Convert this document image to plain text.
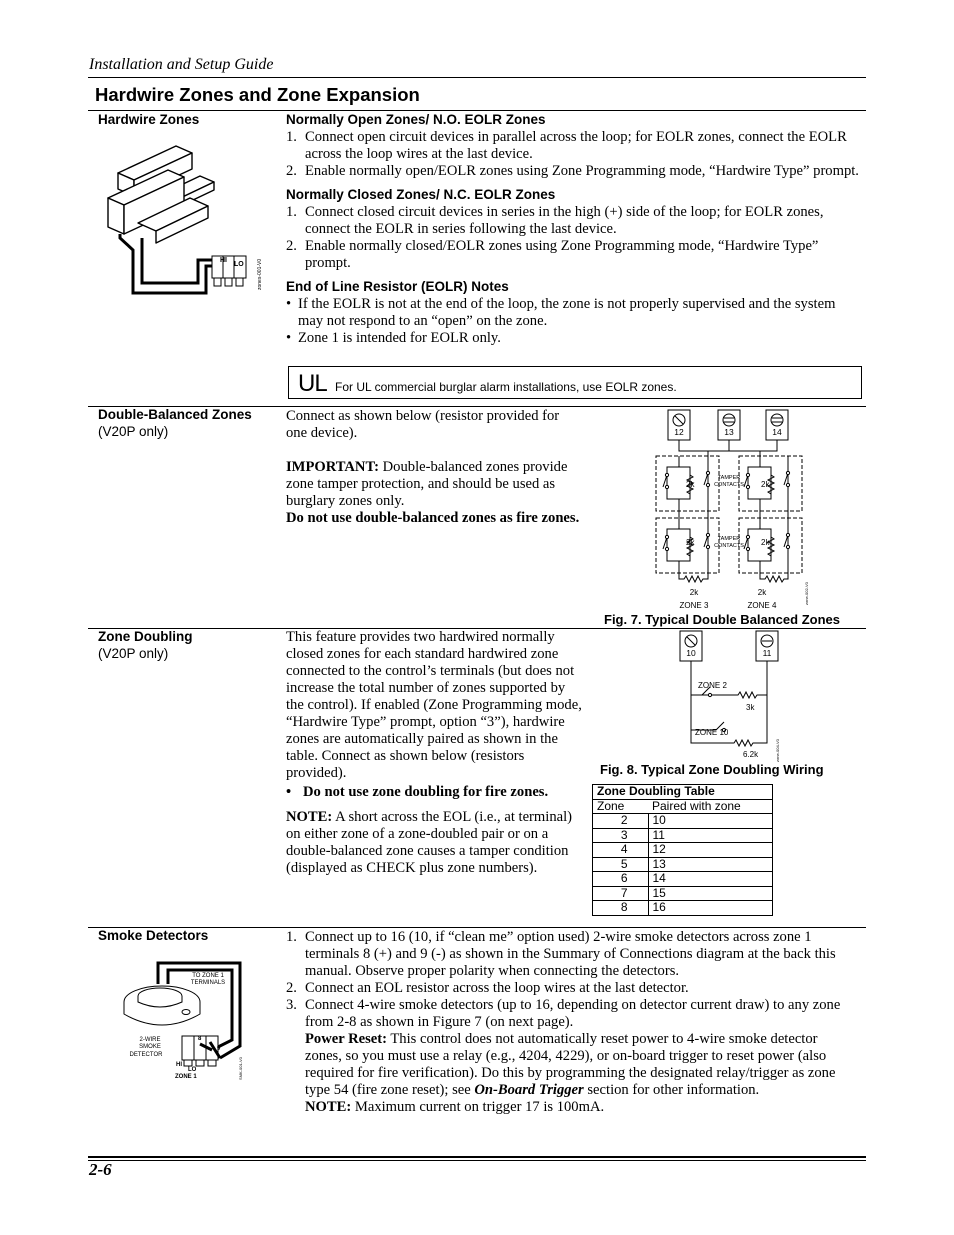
Installation and Setup Guide
Hardwire Zones and Zone Expansion
Hardwire Zones
HI
LO	zones-001-V0
Normally Open Zones/ N.O. EOLR Zones
1. Connect open circuit devices in parallel across the loop; for EOLR zones, connect the EOLR across the loop wires at the last device.
2. Enable normally open/EOLR zones using Zone Programming mode, “Hardwire Type” prompt.
Normally Closed Zones/ N.C. EOLR Zones
1. Connect closed circuit devices in series in the high (+) side of the loop; for EOLR zones, connect the EOLR in series following the last device.
2. Enable normally closed/EOLR zones using Zone Programming mode, “Hardwire Type” prompt.
End of Line Resistor (EOLR) Notes
• If the EOLR is not at the end of the loop, the zone is not properly supervised and the system may not respond to an “open” on the zone.
• Zone 1 is intended for EOLR only.
UL For UL commercial burglar alarm installations, use EOLR zones.
Double-Balanced Zones
(V20P only)
Connect as shown below (resistor provided for one device).
IMPORTANT: Double-balanced zones provide zone tamper protection, and should be used as burglary zones only.
Do not use double-balanced zones as fire zones.
12	13	14
2k	2k
2k	2k
TAMPER
CONTACTS
TAMPER
CONTACTS
2k	2k
ZONE 3	ZONE 4
zone-002-V0
Fig. 7. Typical Double Balanced Zones
Zone Doubling
(V20P only)
This feature provides two hardwired normally closed zones for each standard hardwired zone connected to the control’s terminals (but does not increase the total number of zones supported by the control). If enabled (Zone Programming mode, “Hardwire Type” prompt, option “3”), hardwire zones are automatically paired as shown in the table. Connect as shown below (resistors provided).
• Do not use zone doubling for fire zones.
NOTE: A short across the EOL (i.e., at terminal) on either zone of a zone-doubled pair or on a double-balanced zone causes a tamper condition (displayed as CHECK plus zone numbers).
10	11
ZONE 2
3k
ZONE 10
6.2k	zone-004-V0
Fig. 8. Typical Zone Doubling Wiring
Zone Doubling Table	
Zone	Paired with zone
2	10
3	11
4	12
5	13
6	14
7	15
8	16
Smoke Detectors
TO ZONE 1
TERMINALS
2-WIRE
SMOKE
DETECTOR
8
9
HI
LO
ZONE 1	SMK-001-V0
1. Connect up to 16 (10, if “clean me” option used) 2-wire smoke detectors across zone 1 terminals 8 (+) and 9 (-) as shown in the Summary of Connections diagram at the back this manual. Observe proper polarity when connecting the detectors.
2. Connect an EOL resistor across the loop wires at the last detector.
3. Connect 4-wire smoke detectors (up to 16, depending on detector current draw) to any zone from 2-8 as shown in Figure 7 (on next page).
Power Reset: This control does not automatically reset power to 4-wire smoke detector zones, so you must use a relay (e.g., 4204, 4229), or on-board trigger to reset power (also required for fire verification). Do this by programming the designated relay/trigger as zone type 54 (fire zone reset); see On-Board Trigger section for other information.
NOTE: Maximum current on trigger 17 is 100mA.
2-6
